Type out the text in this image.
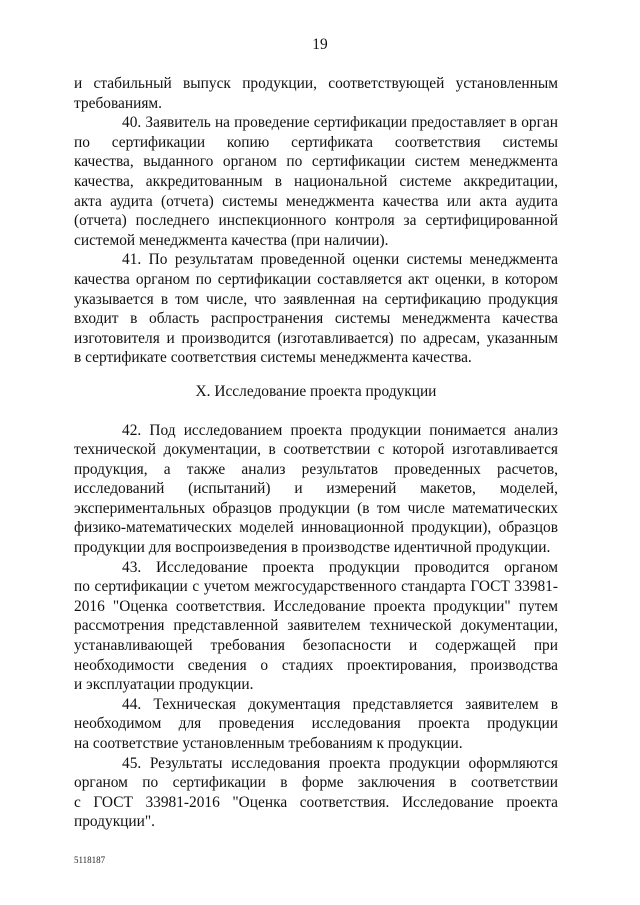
19
и стабильный выпуск продукции, соответствующей установленным
требованиям.
40. Заявитель на проведение сертификации предоставляет в орган
по сертификации копию сертификата соответствия системы
качества, выданного органом по сертификации систем менеджмента
качества, аккредитованным в национальной системе аккредитации,
акта аудита (отчета) системы менеджмента качества или акта аудита
(отчета) последнего инспекционного контроля за сертифицированной
системой менеджмента качества (при наличии).
41. По результатам проведенной оценки системы менеджмента
качества органом по сертификации составляется акт оценки, в котором
указывается в том числе, что заявленная на сертификацию продукция
входит в область распространения системы менеджмента качества
изготовителя и производится (изготавливается) по адресам, указанным
в сертификате соответствия системы менеджмента качества.
X. Исследование проекта продукции
42. Под исследованием проекта продукции понимается анализ
технической документации, в соответствии с которой изготавливается
продукция, а также анализ результатов проведенных расчетов,
исследований (испытаний) и измерений макетов, моделей,
экспериментальных образцов продукции (в том числе математических
физико-математических моделей инновационной продукции), образцов
продукции для воспроизведения в производстве идентичной продукции.
43. Исследование проекта продукции проводится органом
по сертификации с учетом межгосударственного стандарта ГОСТ 33981-
2016 "Оценка соответствия. Исследование проекта продукции" путем
рассмотрения представленной заявителем технической документации,
устанавливающей требования безопасности и содержащей при
необходимости сведения о стадиях проектирования, производства
и эксплуатации продукции.
44. Техническая документация представляется заявителем в
необходимом для проведения исследования проекта продукции
на соответствие установленным требованиям к продукции.
45. Результаты исследования проекта продукции оформляются
органом по сертификации в форме заключения в соответствии
с ГОСТ 33981-2016 "Оценка соответствия. Исследование проекта
продукции".
5118187
